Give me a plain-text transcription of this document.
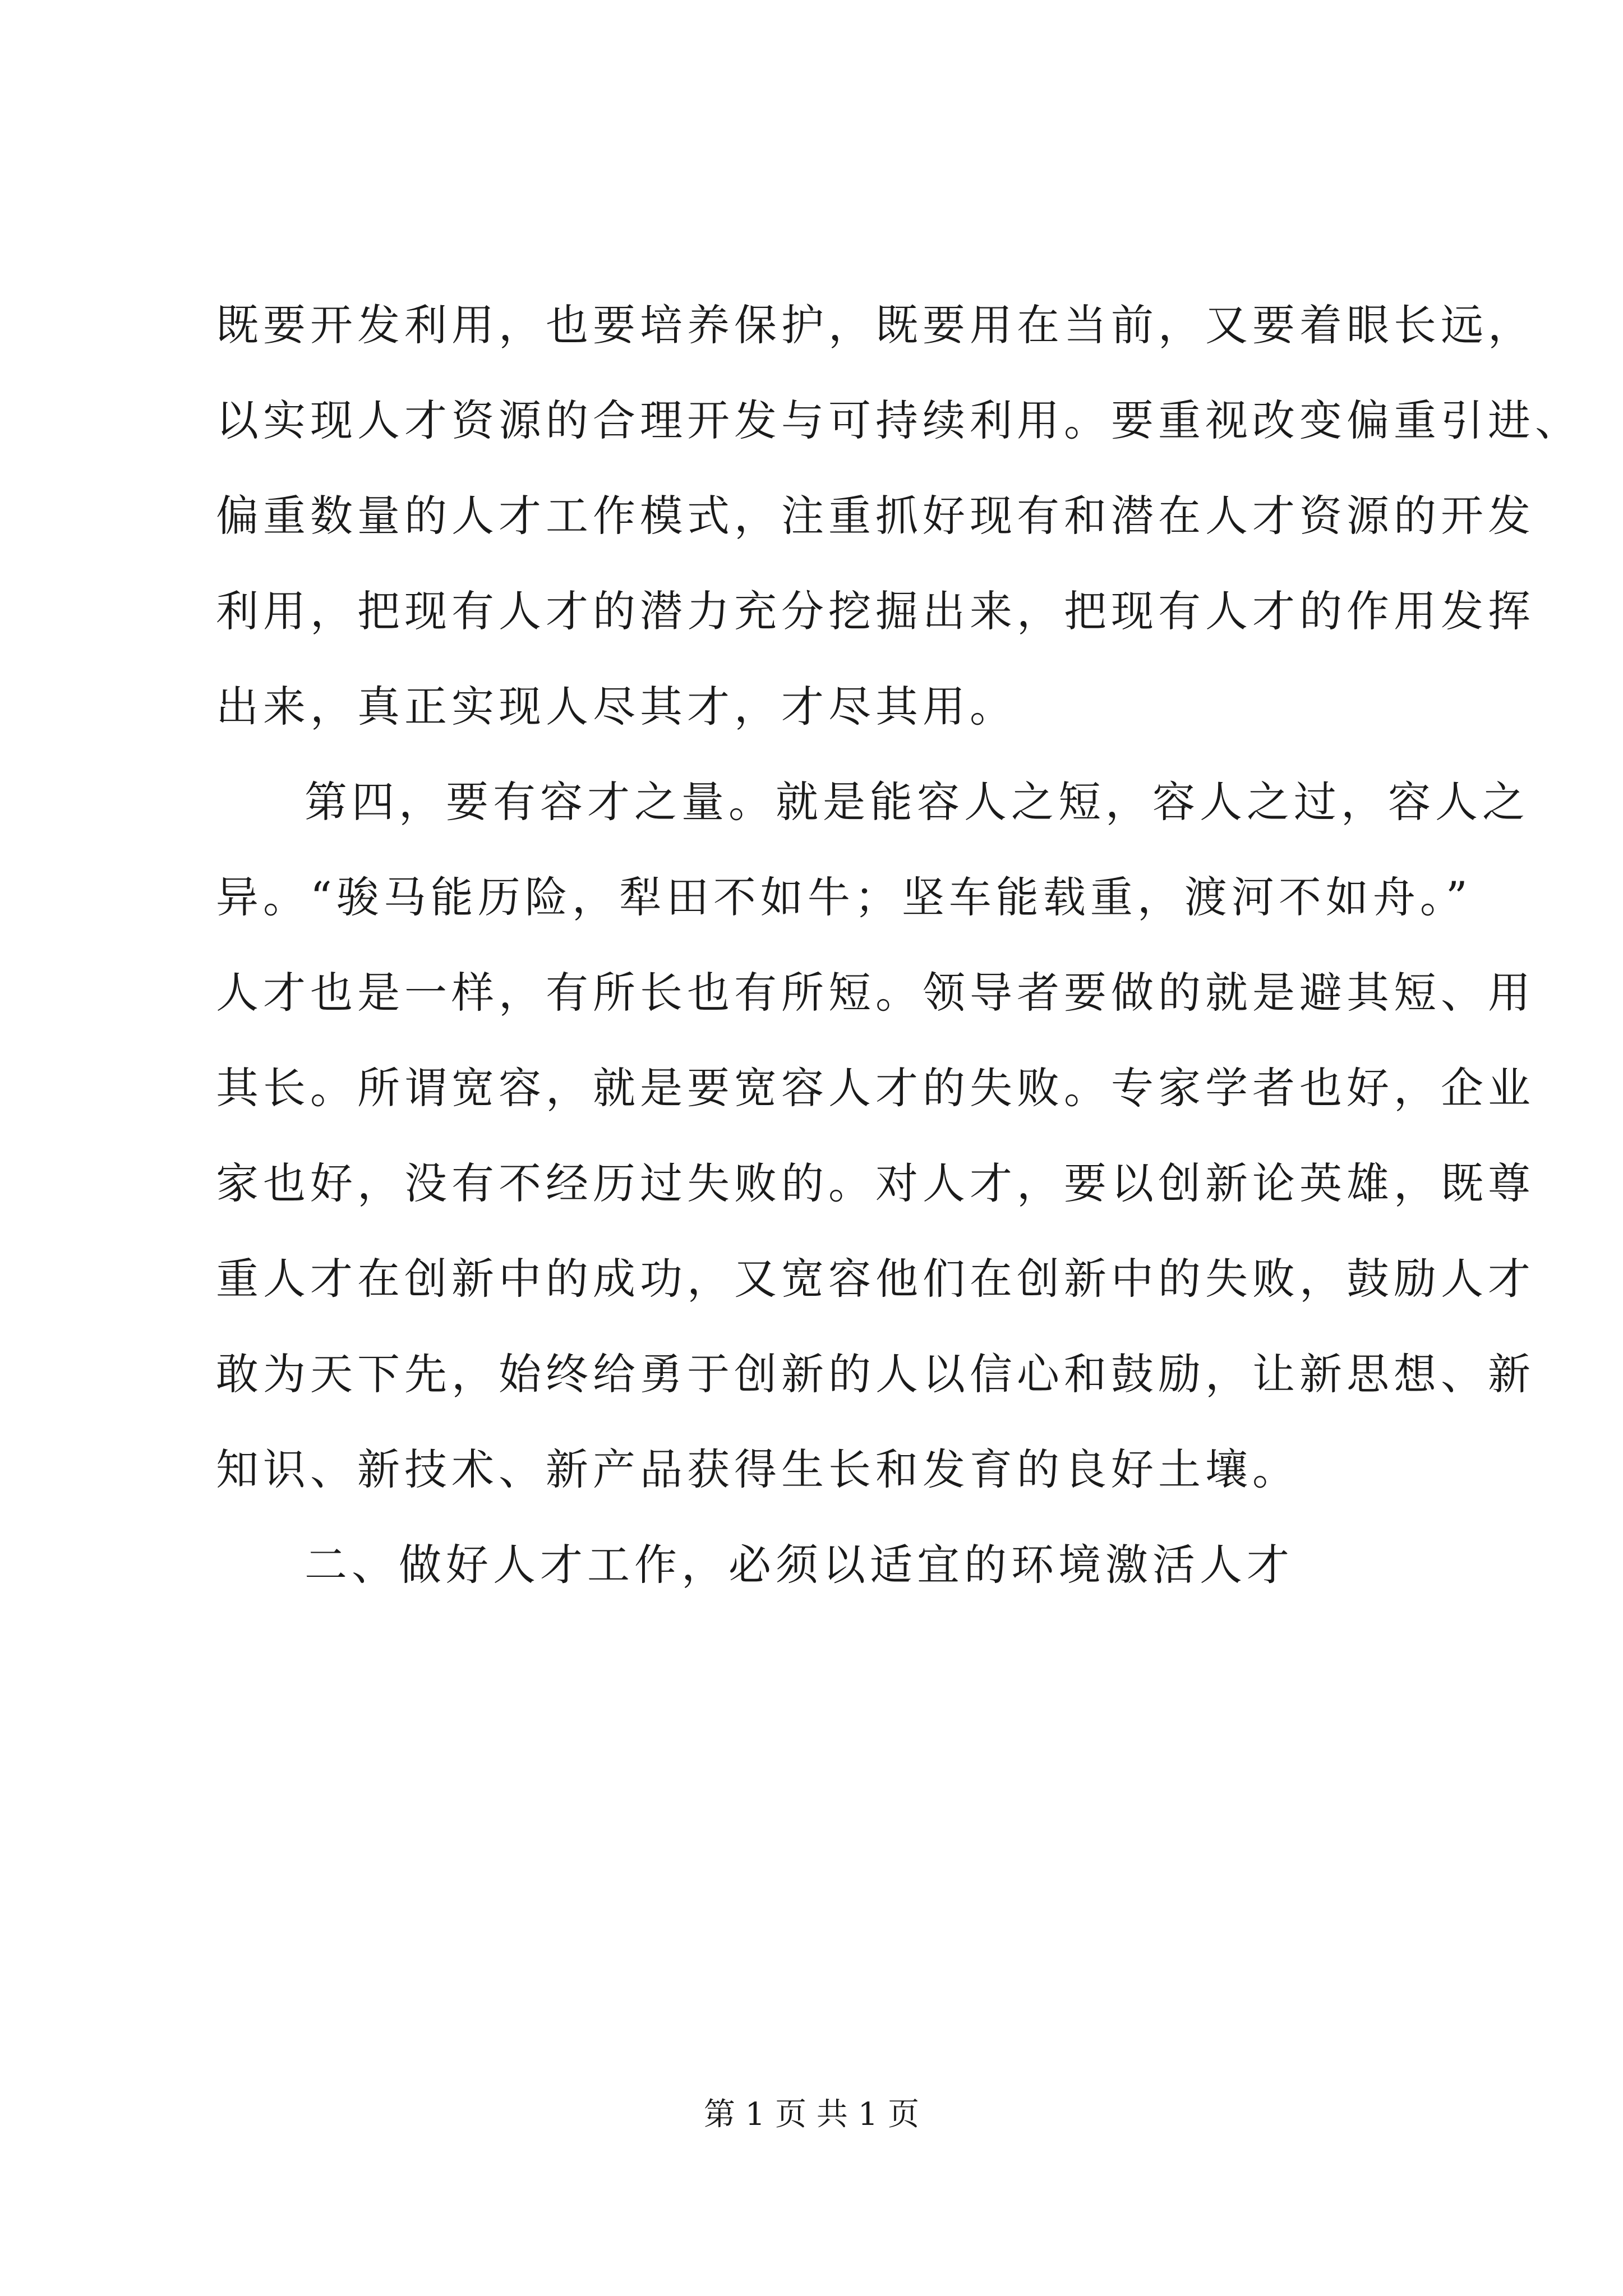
既要开发利用，也要培养保护，既要用在当前，又要着眼长远，
以实现人才资源的合理开发与可持续利用。要重视改变偏重引进、
偏重数量的人才工作模式，注重抓好现有和潜在人才资源的开发
利用，把现有人才的潜力充分挖掘出来，把现有人才的作用发挥
出来，真正实现人尽其才，才尽其用。
第四，要有容才之量。就是能容人之短，容人之过，容人之
异。“骏马能历险，犁田不如牛；坚车能载重，渡河不如舟。”
人才也是一样，有所长也有所短。领导者要做的就是避其短、用
其长。所谓宽容，就是要宽容人才的失败。专家学者也好，企业
家也好，没有不经历过失败的。对人才，要以创新论英雄，既尊
重人才在创新中的成功，又宽容他们在创新中的失败，鼓励人才
敢为天下先，始终给勇于创新的人以信心和鼓励，让新思想、新
知识、新技术、新产品获得生长和发育的良好土壤。
二、做好人才工作，必须以适宜的环境激活人才
第 1 页 共 1 页
